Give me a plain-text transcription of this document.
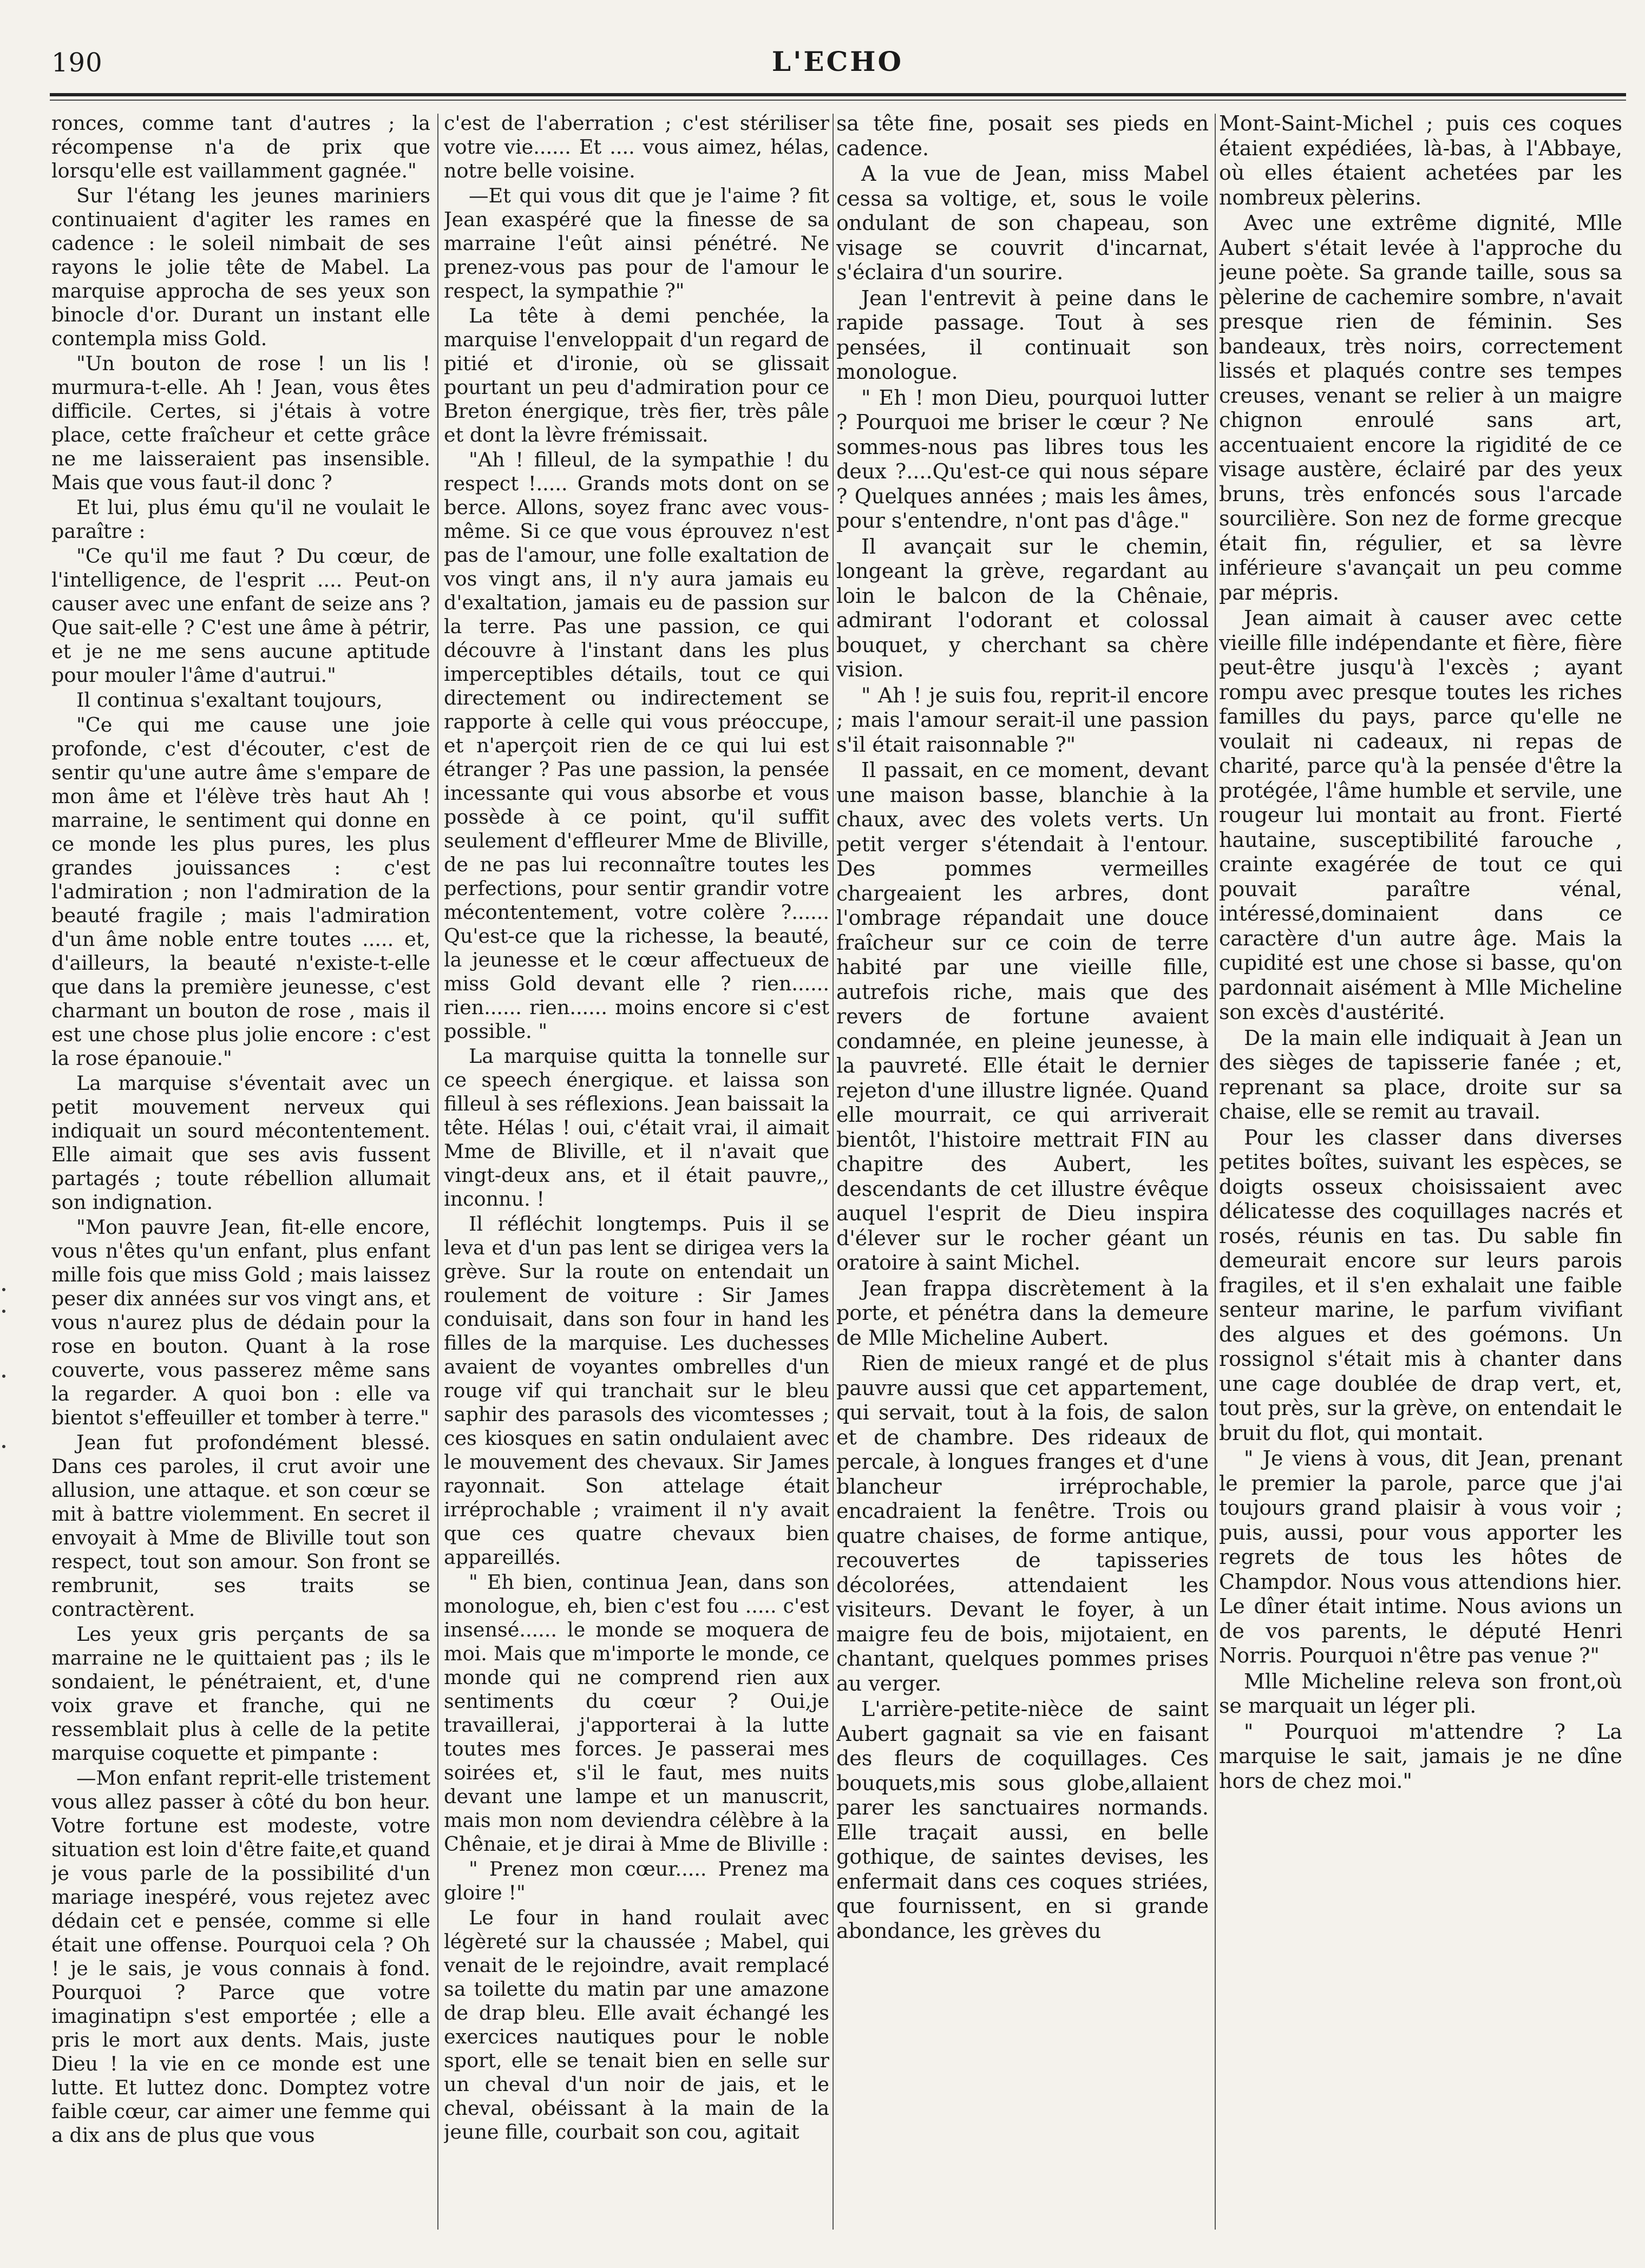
190	L'ECHO

ronces, comme tant d'autres ; la récompense n'a de prix que lorsqu'elle est vaillamment gagnée."

Sur l'étang les jeunes mariniers continuaient d'agiter les rames en cadence : le soleil nimbait de ses rayons le jolie tête de Mabel. La marquise approcha de ses yeux son binocle d'or. Durant un instant elle contempla miss Gold.

"Un bouton de rose ! un lis ! murmura-t-elle. Ah ! Jean, vous êtes difficile. Certes, si j'étais à votre place, cette fraîcheur et cette grâce ne me laisseraient pas insensible. Mais que vous faut-il donc ?

Et lui, plus ému qu'il ne voulait le paraître :

"Ce qu'il me faut ? Du cœur, de l'intelligence, de l'esprit .... Peut-on causer avec une enfant de seize ans ? Que sait-elle ? C'est une âme à pétrir, et je ne me sens aucune aptitude pour mouler l'âme d'autrui."

Il continua s'exaltant toujours,

"Ce qui me cause une joie profonde, c'est d'écouter, c'est de sentir qu'une autre âme s'empare de mon âme et l'élève très haut Ah ! marraine, le sentiment qui donne en ce monde les plus pures, les plus grandes jouissances : c'est l'admiration ; non l'admiration de la beauté fragile ; mais l'admiration d'un âme noble entre toutes ..... et, d'ailleurs, la beauté n'existe-t-elle que dans la première jeunesse, c'est charmant un bouton de rose , mais il est une chose plus jolie encore : c'est la rose épanouie."

La marquise s'éventait avec un petit mouvement nerveux qui indiquait un sourd mécontentement. Elle aimait que ses avis fussent partagés ; toute rébellion allumait son indignation.

"Mon pauvre Jean, fit-elle encore, vous n'êtes qu'un enfant, plus enfant mille fois que miss Gold ; mais laissez peser dix années sur vos vingt ans, et vous n'aurez plus de dédain pour la rose en bouton. Quant à la rose couverte, vous passerez même sans la regarder. A quoi bon : elle va bientot s'effeuiller et tomber à terre."

Jean fut profondément blessé. Dans ces paroles, il crut avoir une allusion, une attaque. et son cœur se mit à battre violemment. En secret il envoyait à Mme de Bliville tout son respect, tout son amour. Son front se rembrunit, ses traits se contractèrent.

Les yeux gris perçants de sa marraine ne le quittaient pas ; ils le sondaient, le pénétraient, et, d'une voix grave et franche, qui ne ressemblait plus à celle de la petite marquise coquette et pimpante :

—Mon enfant reprit-elle tristement vous allez passer à côté du bon heur. Votre fortune est modeste, votre situation est loin d'être faite,et quand je vous parle de la possibilité d'un mariage inespéré, vous rejetez avec dédain cet e pensée, comme si elle était une offense. Pourquoi cela ? Oh ! je le sais, je vous connais à fond. Pourquoi ? Parce que votre imaginatipn s'est emportée ; elle a pris le mort aux dents. Mais, juste Dieu ! la vie en ce monde est une lutte. Et luttez donc. Domptez votre faible cœur, car aimer une femme qui a dix ans de plus que vous

c'est de l'aberration ; c'est stériliser votre vie...... Et .... vous aimez, hélas, notre belle voisine.

—Et qui vous dit que je l'aime ? fit Jean exaspéré que la finesse de sa marraine l'eût ainsi pénétré. Ne prenez-vous pas pour de l'amour le respect, la sympathie ?"

La tête à demi penchée, la marquise l'enveloppait d'un regard de pitié et d'ironie, où se glissait pourtant un peu d'admiration pour ce Breton énergique, très fier, très pâle et dont la lèvre frémissait.

"Ah ! filleul, de la sympathie ! du respect !..... Grands mots dont on se berce. Allons, soyez franc avec vous-même. Si ce que vous éprouvez n'est pas de l'amour, une folle exaltation de vos vingt ans, il n'y aura jamais eu d'exaltation, jamais eu de passion sur la terre. Pas une passion, ce qui découvre à l'instant dans les plus imperceptibles détails, tout ce qui directement ou indirectement se rapporte à celle qui vous préoccupe, et n'aperçoit rien de ce qui lui est étranger ? Pas une passion, la pensée incessante qui vous absorbe et vous possède à ce point, qu'il suffit seulement d'effleurer Mme de Bliville, de ne pas lui reconnaître toutes les perfections, pour sentir grandir votre mécontentement, votre colère ?...... Qu'est-ce que la richesse, la beauté, la jeunesse et le cœur affectueux de miss Gold devant elle ? rien...... rien...... rien...... moins encore si c'est possible. "

La marquise quitta la tonnelle sur ce speech énergique. et laissa son filleul à ses réflexions. Jean baissait la tête. Hélas ! oui, c'était vrai, il aimait Mme de Bliville, et il n'avait que vingt-deux ans, et il était pauvre,, inconnu. !

Il réfléchit longtemps. Puis il se leva et d'un pas lent se dirigea vers la grève. Sur la route on entendait un roulement de voiture : Sir James conduisait, dans son four in hand les filles de la marquise. Les duchesses avaient de voyantes ombrelles d'un rouge vif qui tranchait sur le bleu saphir des parasols des vicomtesses ; ces kiosques en satin ondulaient avec le mouvement des chevaux. Sir James rayonnait. Son attelage était irréprochable ; vraiment il n'y avait que ces quatre chevaux bien appareillés.

" Eh bien, continua Jean, dans son monologue, eh, bien c'est fou ..... c'est insensé...... le monde se moquera de moi. Mais que m'importe le monde, ce monde qui ne comprend rien aux sentiments du cœur ? Oui,je travaillerai, j'apporterai à la lutte toutes mes forces. Je passerai mes soirées et, s'il le faut, mes nuits devant une lampe et un manuscrit, mais mon nom deviendra célèbre à la Chênaie, et je dirai à Mme de Bliville :

" Prenez mon cœur..... Prenez ma gloire !"

Le four in hand roulait avec légèreté sur la chaussée ; Mabel, qui venait de le rejoindre, avait remplacé sa toilette du matin par une amazone de drap bleu. Elle avait échangé les exercices nautiques pour le noble sport, elle se tenait bien en selle sur un cheval d'un noir de jais, et le cheval, obéissant à la main de la jeune fille, courbait son cou, agitait

sa tête fine, posait ses pieds en cadence.

A la vue de Jean, miss Mabel cessa sa voltige, et, sous le voile ondulant de son chapeau, son visage se couvrit d'incarnat, s'éclaira d'un sourire.

Jean l'entrevit à peine dans le rapide passage. Tout à ses pensées, il continuait son monologue.

" Eh ! mon Dieu, pourquoi lutter ? Pourquoi me briser le cœur ? Ne sommes-nous pas libres tous les deux ?....Qu'est-ce qui nous sépare ? Quelques années ; mais les âmes, pour s'entendre, n'ont pas d'âge."

Il avançait sur le chemin, longeant la grève, regardant au loin le balcon de la Chênaie, admirant l'odorant et colossal bouquet, y cherchant sa chère vision.

" Ah ! je suis fou, reprit-il encore ; mais l'amour serait-il une passion s'il était raisonnable ?"

Il passait, en ce moment, devant une maison basse, blanchie à la chaux, avec des volets verts. Un petit verger s'étendait à l'entour. Des pommes vermeilles chargeaient les arbres, dont l'ombrage répandait une douce fraîcheur sur ce coin de terre habité par une vieille fille, autrefois riche, mais que des revers de fortune avaient condamnée, en pleine jeunesse, à la pauvreté. Elle était le dernier rejeton d'une illustre lignée. Quand elle mourrait, ce qui arriverait bientôt, l'histoire mettrait FIN au chapitre des Aubert, les descendants de cet illustre évêque auquel l'esprit de Dieu inspira d'élever sur le rocher géant un oratoire à saint Michel.

Jean frappa discrètement à la porte, et pénétra dans la demeure de Mlle Micheline Aubert.

Rien de mieux rangé et de plus pauvre aussi que cet appartement, qui servait, tout à la fois, de salon et de chambre. Des rideaux de percale, à longues franges et d'une blancheur irréprochable, encadraient la fenêtre. Trois ou quatre chaises, de forme antique, recouvertes de tapisseries décolorées, attendaient les visiteurs. Devant le foyer, à un maigre feu de bois, mijotaient, en chantant, quelques pommes prises au verger.

L'arrière-petite-nièce de saint Aubert gagnait sa vie en faisant des fleurs de coquillages. Ces bouquets,mis sous globe,allaient parer les sanctuaires normands. Elle traçait aussi, en belle gothique, de saintes devises, les enfermait dans ces coques striées, que fournissent, en si grande abondance, les grèves du

Mont-Saint-Michel ; puis ces coques étaient expédiées, là-bas, à l'Abbaye, où elles étaient achetées par les nombreux pèlerins.

Avec une extrême dignité, Mlle Aubert s'était levée à l'approche du jeune poète. Sa grande taille, sous sa pèlerine de cachemire sombre, n'avait presque rien de féminin. Ses bandeaux, très noirs, correctement lissés et plaqués contre ses tempes creuses, venant se relier à un maigre chignon enroulé sans art, accentuaient encore la rigidité de ce visage austère, éclairé par des yeux bruns, très enfoncés sous l'arcade sourcilière. Son nez de forme grecque était fin, régulier, et sa lèvre inférieure s'avançait un peu comme par mépris.

Jean aimait à causer avec cette vieille fille indépendante et fière, fière peut-être jusqu'à l'excès ; ayant rompu avec presque toutes les riches familles du pays, parce qu'elle ne voulait ni cadeaux, ni repas de charité, parce qu'à la pensée d'être la protégée, l'âme humble et servile, une rougeur lui montait au front. Fierté hautaine, susceptibilité farouche , crainte exagérée de tout ce qui pouvait paraître vénal, intéressé,dominaient dans ce caractère d'un autre âge. Mais la cupidité est une chose si basse, qu'on pardonnait aisément à Mlle Micheline son excès d'austérité.

De la main elle indiquait à Jean un des sièges de tapisserie fanée ; et, reprenant sa place, droite sur sa chaise, elle se remit au travail.

Pour les classer dans diverses petites boîtes, suivant les espèces, se doigts osseux choisissaient avec délicatesse des coquillages nacrés et rosés, réunis en tas. Du sable fin demeurait encore sur leurs parois fragiles, et il s'en exhalait une faible senteur marine, le parfum vivifiant des algues et des goémons. Un rossignol s'était mis à chanter dans une cage doublée de drap vert, et, tout près, sur la grève, on entendait le bruit du flot, qui montait.

" Je viens à vous, dit Jean, prenant le premier la parole, parce que j'ai toujours grand plaisir à vous voir ; puis, aussi, pour vous apporter les regrets de tous les hôtes de Champdor. Nous vous attendions hier. Le dîner était intime. Nous avions un de vos parents, le député Henri Norris. Pourquoi n'être pas venue ?"

Mlle Micheline releva son front,où se marquait un léger pli.

" Pourquoi m'attendre ? La marquise le sait, jamais je ne dîne hors de chez moi."
